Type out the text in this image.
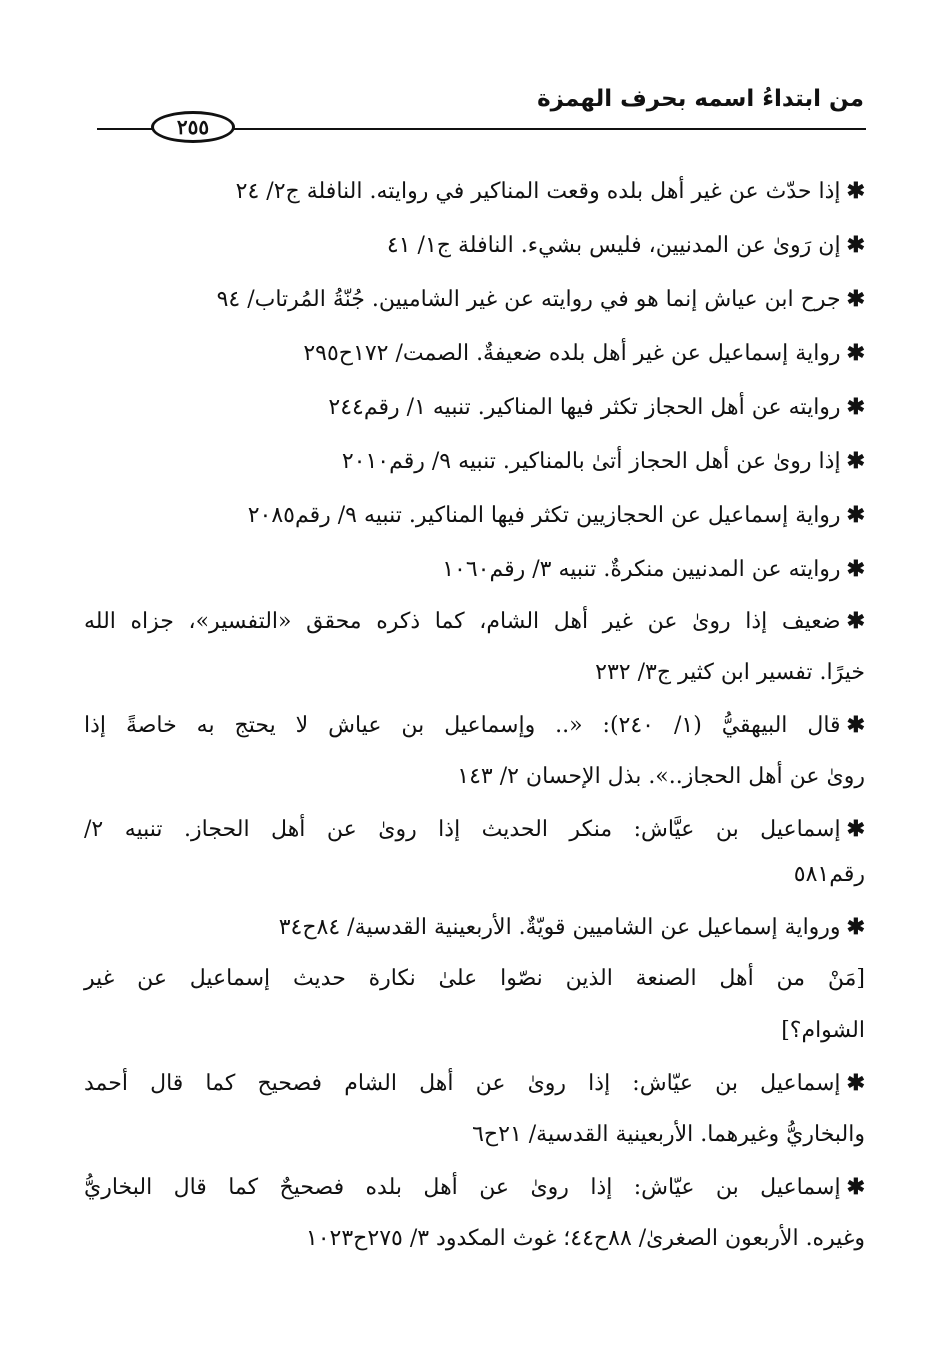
من ابتداءُ اسمه بحرف الهمزة
٢٥٥
✱إذا حدّث عن غير أهل بلده وقعت المناكير في روايته. النافلة ج٢/ ٢٤
✱إن رَوىٰ عن المدنيين، فليس بشيء. النافلة ج١/ ٤١
✱جرح ابن عياش إنما هو في روايته عن غير الشاميين. جُنّةُ المُرتاب/ ٩٤
✱رواية إسماعيل عن غير أهل بلده ضعيفةٌ. الصمت/ ١٧٢ح٢٩٥
✱روايته عن أهل الحجاز تكثر فيها المناكير. تنبيه ١/ رقم٢٤٤
✱إذا روىٰ عن أهل الحجاز أتىٰ بالمناكير. تنبيه ٩/ رقم٢٠١٠
✱رواية إسماعيل عن الحجازيين تكثر فيها المناكير. تنبيه ٩/ رقم٢٠٨٥
✱روايته عن المدنيين منكرةٌ. تنبيه ٣/ رقم١٠٦٠
✱ضعيف إذا روىٰ عن غير أهل الشام، كما ذكره محقق «التفسير»، جزاه الله
خيرًا. تفسير ابن كثير ج٣/ ٢٣٢
✱قال البيهقيُّ (١/ ٢٤٠): «.. وإسماعيل بن عياش لا يحتج به خاصةً إذا
روىٰ عن أهل الحجاز..». بذل الإحسان ٢/ ١٤٣
✱إسماعيل بن عيَّاش: منكر الحديث إذا روىٰ عن أهل الحجاز. تنبيه ٢/
رقم٥٨١
✱ورواية إسماعيل عن الشاميين قويّةٌ. الأربعينية القدسية/ ٨٤ح٣٤
[مَنْ من أهل الصنعة الذين نصّوا علىٰ نكارة حديث إسماعيل عن غير
الشوام؟]
✱إسماعيل بن عيّاش: إذا روىٰ عن أهل الشام فصحيح كما قال أحمد
والبخاريُّ وغيرهما. الأربعينية القدسية/ ٢١ح٦
✱إسماعيل بن عيّاش: إذا روىٰ عن أهل بلده فصحيحٌ كما قال البخاريُّ
وغيره. الأربعون الصغرىٰ/ ٨٨ح٤٤؛ غوث المكدود ٣/ ٢٧٥ح١٠٢٣
